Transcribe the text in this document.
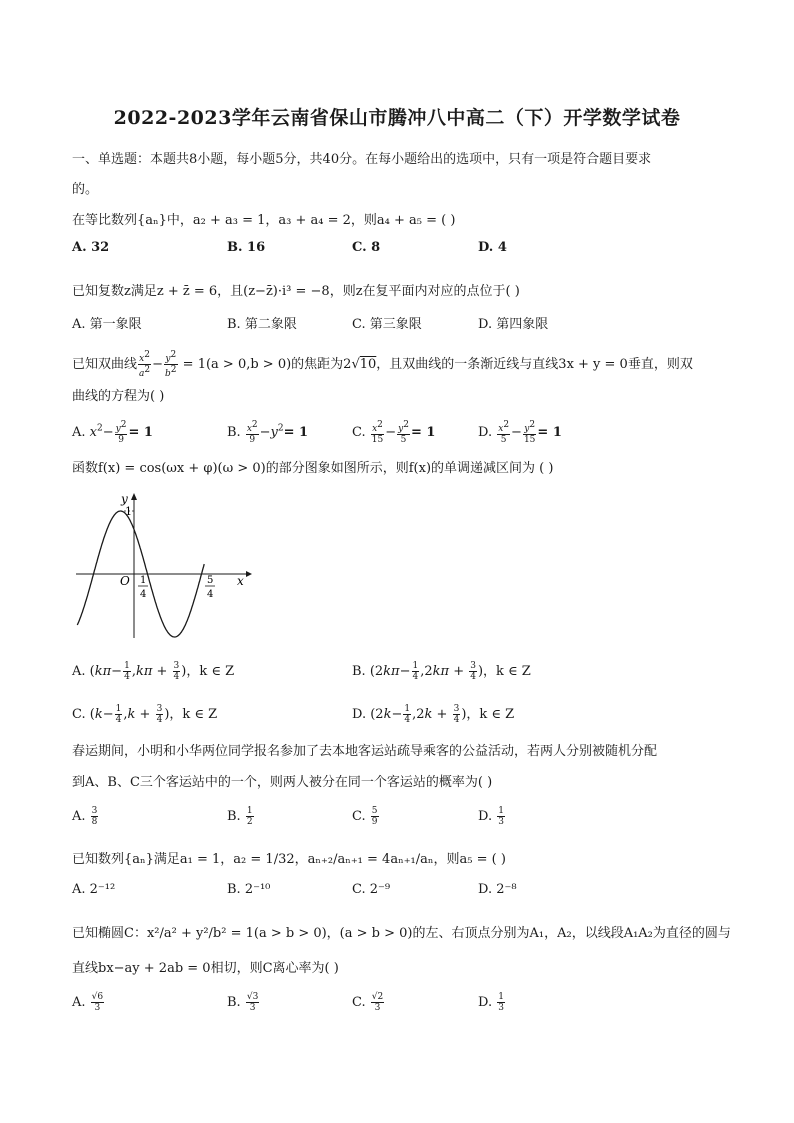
2022-2023学年云南省保山市腾冲八中高二（下）开学数学试卷
一、单选题：本题共8小题，每小题5分，共40分。在每小题给出的选项中，只有一项是符合题目要求
的。
在等比数列{aₙ}中，a₂ + a₃ = 1，a₃ + a₄ = 2，则a₄ + a₅ = ( )
A. 32	B. 16	C. 8	D. 4
已知复数z满足z + z̄ = 6，且(z−z̄)·i³ = −8，则z在复平面内对应的点位于( )
A. 第一象限	B. 第二象限	C. 第三象限	D. 第四象限
已知双曲线 $\frac{x^2}{a^2} - \frac{y^2}{b^2} = 1(a > 0,b > 0)$的焦距为2√10，且双曲线的一条渐近线与直线3x + y = 0垂直，则双
曲线的方程为( )
A. $x^2- \frac{y^2}{9} = 1$	B. $\frac{x^2}{9} -y^2= 1$	C. $\frac{x^2}{15} - \frac{y^2}{5} = 1$	D. $\frac{x^2}{5} - \frac{y^2}{15} = 1$
函数f(x) = cos(ωx + φ)(ω > 0)的部分图象如图所示，则f(x)的单调递减区间为 ( )
y
x
O
1
1
4
5
4
A. ($k\pi- \frac{1}{4} ,k\pi + \frac{3}{4}$ )，k ∈ Z	B. ($2k\pi- \frac{1}{4} ,2k\pi + \frac{3}{4}$ )，k ∈ Z
C. ($k- \frac{1}{4} ,k + \frac{3}{4}$ )，k ∈ Z	D. ($2k- \frac{1}{4} ,2k + \frac{3}{4}$ )，k ∈ Z
春运期间，小明和小华两位同学报名参加了去本地客运站疏导乘客的公益活动，若两人分别被随机分配
到A、B、C三个客运站中的一个，则两人被分在同一个客运站的概率为( )
A. $\frac{3}{8}$	B. $\frac{1}{2}$	C. $\frac{5}{9}$	D. $\frac{1}{3}$
已知数列{aₙ}满足a₁ = 1，a₂ = 1/32，aₙ₊₂/aₙ₊₁ = 4aₙ₊₁/aₙ，则a₅ = ( )
A. 2⁻¹²	B. 2⁻¹⁰	C. 2⁻⁹	D. 2⁻⁸
已知椭圆C：x²/a² + y²/b² = 1(a > b > 0)，(a > b > 0)的左、右顶点分别为A₁，A₂，以线段A₁A₂为直径的圆与
直线bx−ay + 2ab = 0相切，则C离心率为( )
A. $\frac{√6}{3}$	B. $\frac{√3}{3}$	C. $\frac{√2}{3}$	D. $\frac{1}{3}$
